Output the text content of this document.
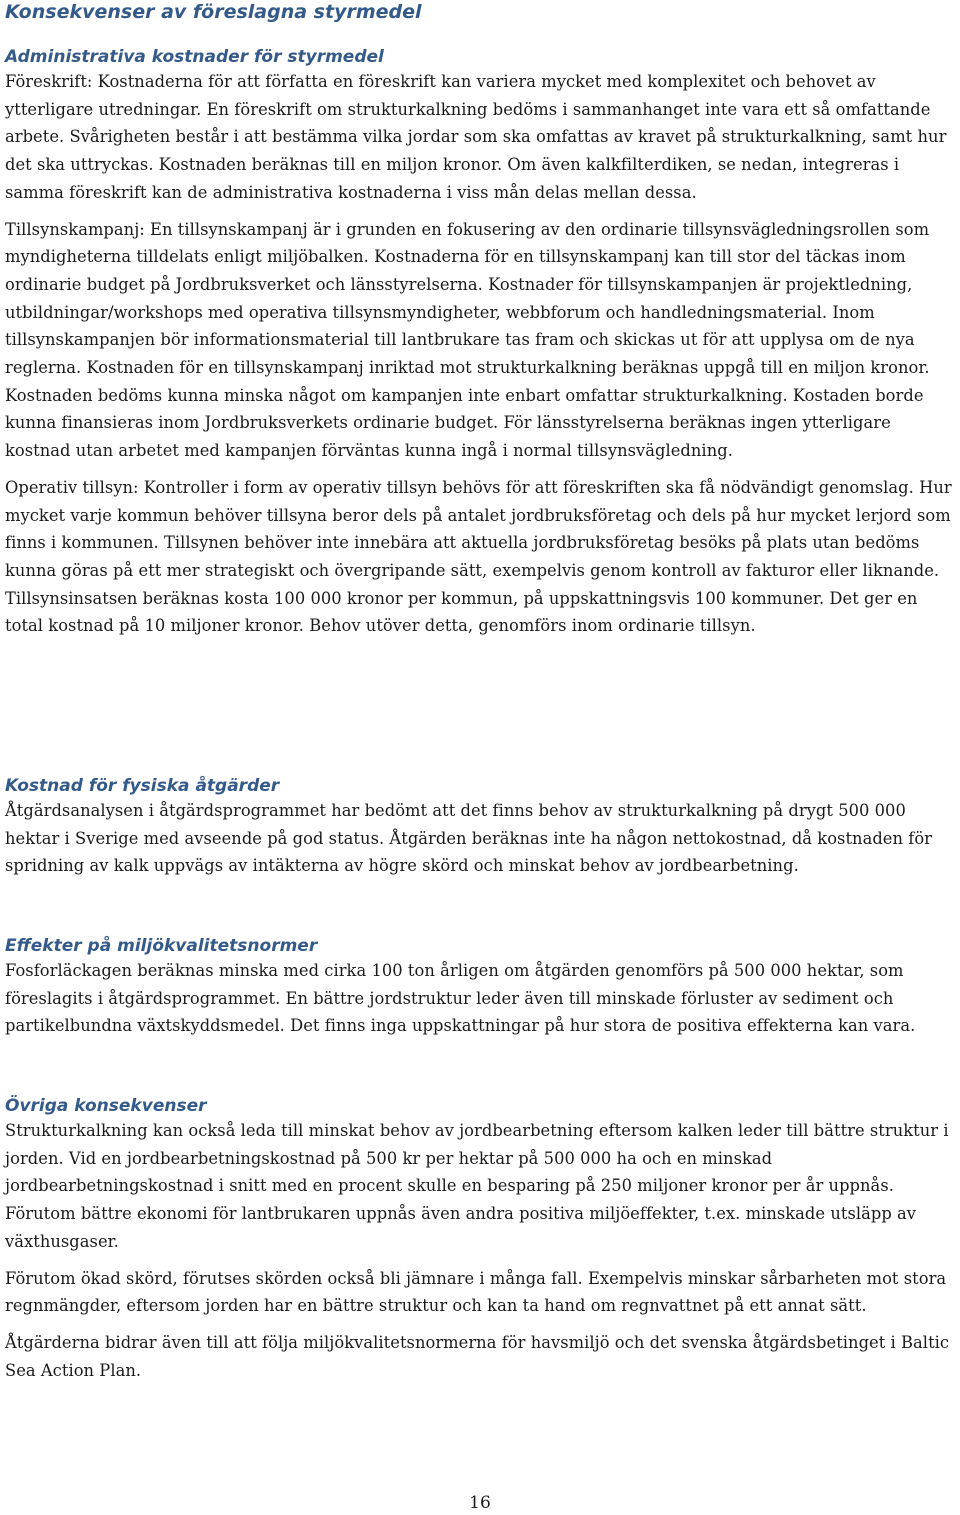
Konsekvenser av föreslagna styrmedel
Administrativa kostnader för styrmedel

Föreskrift: Kostnaderna för att författa en föreskrift kan variera mycket med komplexitet och behovet av ytterligare utredningar. En föreskrift om strukturkalkning bedöms i sammanhanget inte vara ett så omfattande arbete. Svårigheten består i att bestämma vilka jordar som ska omfattas av kravet på strukturkalkning, samt hur det ska uttryckas. Kostnaden beräknas till en miljon kronor. Om även kalkfilterdiken, se nedan, integreras i samma föreskrift kan de administrativa kostnaderna i viss mån delas mellan dessa.

Tillsynskampanj: En tillsynskampanj är i grunden en fokusering av den ordinarie tillsynsvägledningsrollen som myndigheterna tilldelats enligt miljöbalken. Kostnaderna för en tillsynskampanj kan till stor del täckas inom ordinarie budget på Jordbruksverket och länsstyrelserna. Kostnader för tillsynskampanjen är projektledning, utbildningar/workshops med operativa tillsynsmyndigheter, webbforum och handledningsmaterial. Inom tillsynskampanjen bör informationsmaterial till lantbrukare tas fram och skickas ut för att upplysa om de nya reglerna. Kostnaden för en tillsynskampanj inriktad mot strukturkalkning beräknas uppgå till en miljon kronor. Kostnaden bedöms kunna minska något om kampanjen inte enbart omfattar strukturkalkning. Kostaden borde kunna finansieras inom Jordbruksverkets ordinarie budget. För länsstyrelserna beräknas ingen ytterligare kostnad utan arbetet med kampanjen förväntas kunna ingå i normal tillsynsvägledning.

Operativ tillsyn: Kontroller i form av operativ tillsyn behövs för att föreskriften ska få nödvändigt genomslag. Hur mycket varje kommun behöver tillsyna beror dels på antalet jordbruksföretag och dels på hur mycket lerjord som finns i kommunen. Tillsynen behöver inte innebära att aktuella jordbruksföretag besöks på plats utan bedöms kunna göras på ett mer strategiskt och övergripande sätt, exempelvis genom kontroll av fakturor eller liknande. Tillsynsinsatsen beräknas kosta 100 000 kronor per kommun, på uppskattningsvis 100 kommuner. Det ger en total kostnad på 10 miljoner kronor. Behov utöver detta, genomförs inom ordinarie tillsyn.

Kostnad för fysiska åtgärder

Åtgärdsanalysen i åtgärdsprogrammet har bedömt att det finns behov av strukturkalkning på drygt 500 000 hektar i Sverige med avseende på god status. Åtgärden beräknas inte ha någon nettokostnad, då kostnaden för spridning av kalk uppvägs av intäkterna av högre skörd och minskat behov av jordbearbetning.

Effekter på miljökvalitetsnormer

Fosforläckagen beräknas minska med cirka 100 ton årligen om åtgärden genomförs på 500 000 hektar, som föreslagits i åtgärdsprogrammet. En bättre jordstruktur leder även till minskade förluster av sediment och partikelbundna växtskyddsmedel. Det finns inga uppskattningar på hur stora de positiva effekterna kan vara.

Övriga konsekvenser

Strukturkalkning kan också leda till minskat behov av jordbearbetning eftersom kalken leder till bättre struktur i jorden. Vid en jordbearbetningskostnad på 500 kr per hektar på 500 000 ha och en minskad jordbearbetningskostnad i snitt med en procent skulle en besparing på 250 miljoner kronor per år uppnås. Förutom bättre ekonomi för lantbrukaren uppnås även andra positiva miljöeffekter, t.ex. minskade utsläpp av växthusgaser.

Förutom ökad skörd, förutses skörden också bli jämnare i många fall. Exempelvis minskar sårbarheten mot stora regnmängder, eftersom jorden har en bättre struktur och kan ta hand om regnvattnet på ett annat sätt.

Åtgärderna bidrar även till att följa miljökvalitetsnormerna för havsmiljö och det svenska åtgärdsbetinget i Baltic Sea Action Plan.

16
